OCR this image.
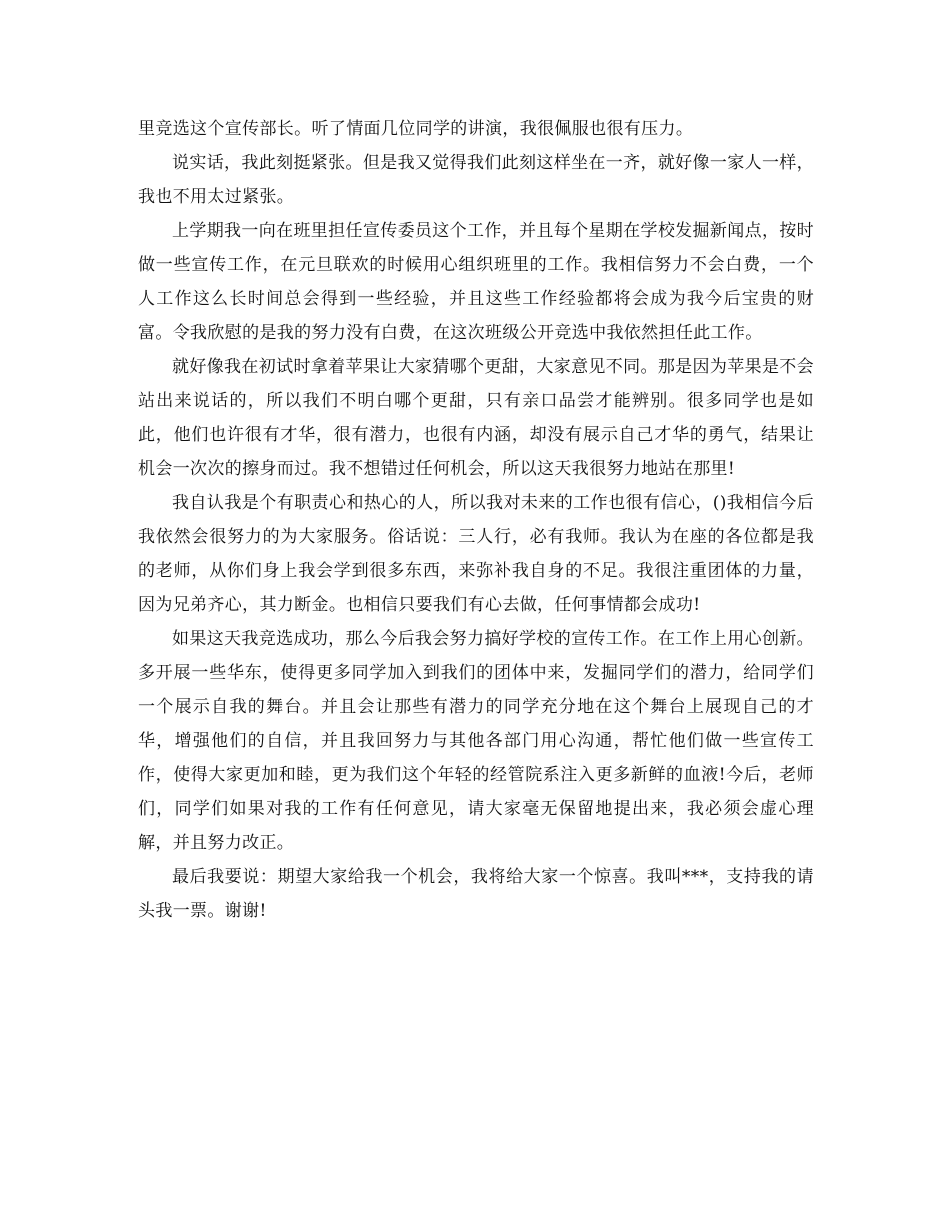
里竞选这个宣传部长。听了情面几位同学的讲演，我很佩服也很有压力。

说实话，我此刻挺紧张。但是我又觉得我们此刻这样坐在一齐，就好像一家人一样，我也不用太过紧张。

上学期我一向在班里担任宣传委员这个工作，并且每个星期在学校发掘新闻点，按时做一些宣传工作，在元旦联欢的时候用心组织班里的工作。我相信努力不会白费，一个人工作这么长时间总会得到一些经验，并且这些工作经验都将会成为我今后宝贵的财富。令我欣慰的是我的努力没有白费，在这次班级公开竞选中我依然担任此工作。

就好像我在初试时拿着苹果让大家猜哪个更甜，大家意见不同。那是因为苹果是不会站出来说话的，所以我们不明白哪个更甜，只有亲口品尝才能辨别。很多同学也是如此，他们也许很有才华，很有潜力，也很有内涵，却没有展示自己才华的勇气，结果让机会一次次的擦身而过。我不想错过任何机会，所以这天我很努力地站在那里!

我自认我是个有职责心和热心的人，所以我对未来的工作也很有信心，()我相信今后我依然会很努力的为大家服务。俗话说：三人行，必有我师。我认为在座的各位都是我的老师，从你们身上我会学到很多东西，来弥补我自身的不足。我很注重团体的力量，因为兄弟齐心，其力断金。也相信只要我们有心去做，任何事情都会成功!

如果这天我竞选成功，那么今后我会努力搞好学校的宣传工作。在工作上用心创新。多开展一些华东，使得更多同学加入到我们的团体中来，发掘同学们的潜力，给同学们一个展示自我的舞台。并且会让那些有潜力的同学充分地在这个舞台上展现自己的才华，增强他们的自信，并且我回努力与其他各部门用心沟通，帮忙他们做一些宣传工作，使得大家更加和睦，更为我们这个年轻的经管院系注入更多新鲜的血液!今后，老师们，同学们如果对我的工作有任何意见，请大家毫无保留地提出来，我必须会虚心理解，并且努力改正。

最后我要说：期望大家给我一个机会，我将给大家一个惊喜。我叫***，支持我的请头我一票。谢谢!
